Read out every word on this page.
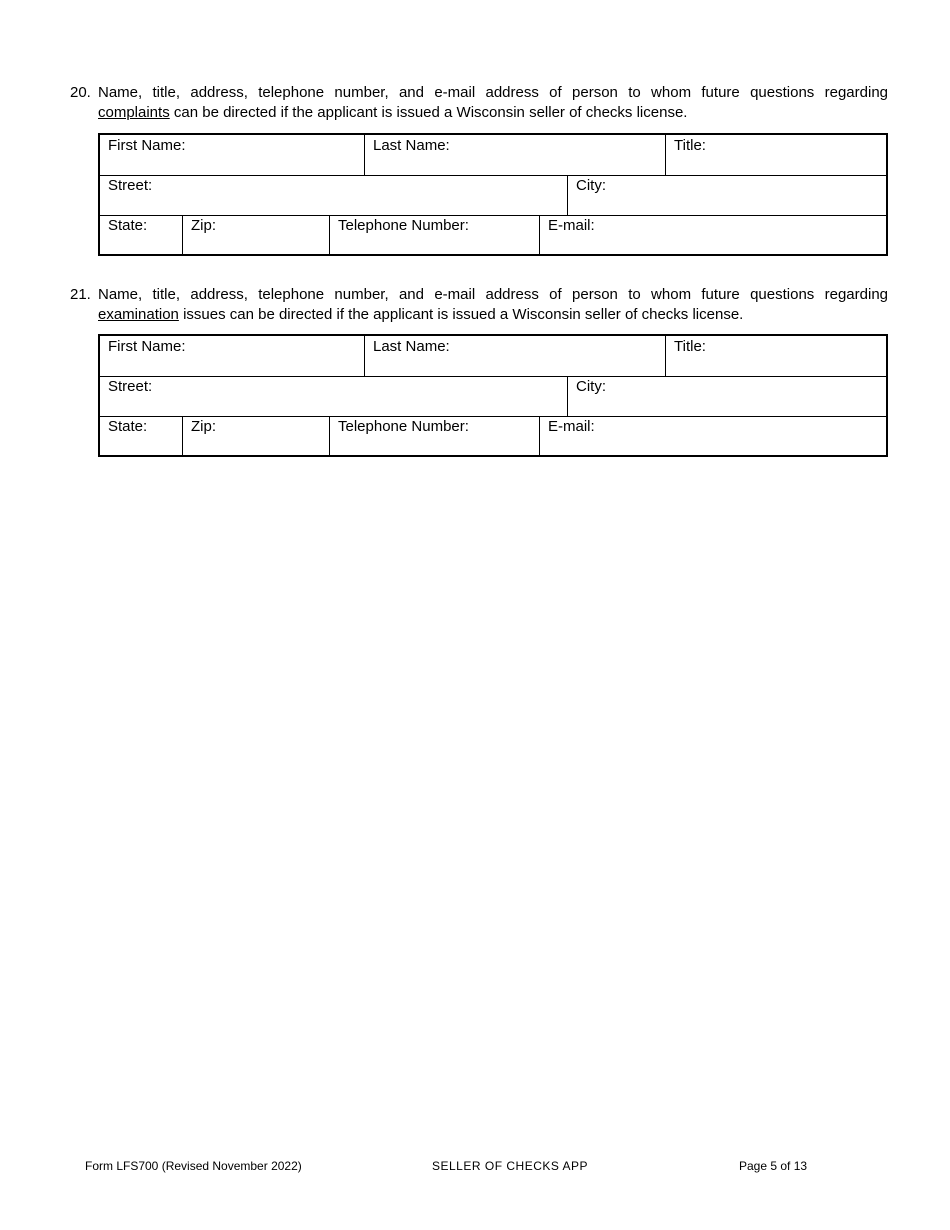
20. Name, title, address, telephone number, and e-mail address of person to whom future questions regarding
complaints can be directed if the applicant is issued a Wisconsin seller of checks license.
First Name:	Last Name:	Title:
Street:	City:
State:	Zip:	Telephone Number:	E-mail:
21. Name, title, address, telephone number, and e-mail address of person to whom future questions regarding
examination issues can be directed if the applicant is issued a Wisconsin seller of checks license.
First Name:	Last Name:	Title:
Street:	City:
State:	Zip:	Telephone Number:	E-mail:
Form LFS700 (Revised November 2022)	SELLER OF CHECKS APP	Page 5 of 13
